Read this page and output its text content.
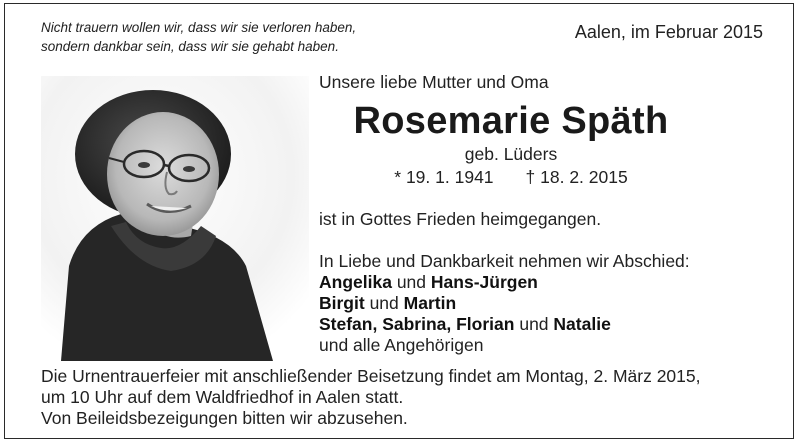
Nicht trauern wollen wir, dass wir sie verloren haben,
sondern dankbar sein, dass wir sie gehabt haben.
Aalen, im Februar 2015
Unsere liebe Mutter und Oma
Rosemarie Späth
geb. Lüders
* 19. 1. 1941 † 18. 2. 2015
ist in Gottes Frieden heimgegangen.
In Liebe und Dankbarkeit nehmen wir Abschied:
Angelika und Hans-Jürgen
Birgit und Martin
Stefan, Sabrina, Florian und Natalie
und alle Angehörigen
Die Urnentrauerfeier mit anschließender Beisetzung findet am Montag, 2. März 2015,
um 10 Uhr auf dem Waldfriedhof in Aalen statt.
Von Beileidsbezeigungen bitten wir abzusehen.
